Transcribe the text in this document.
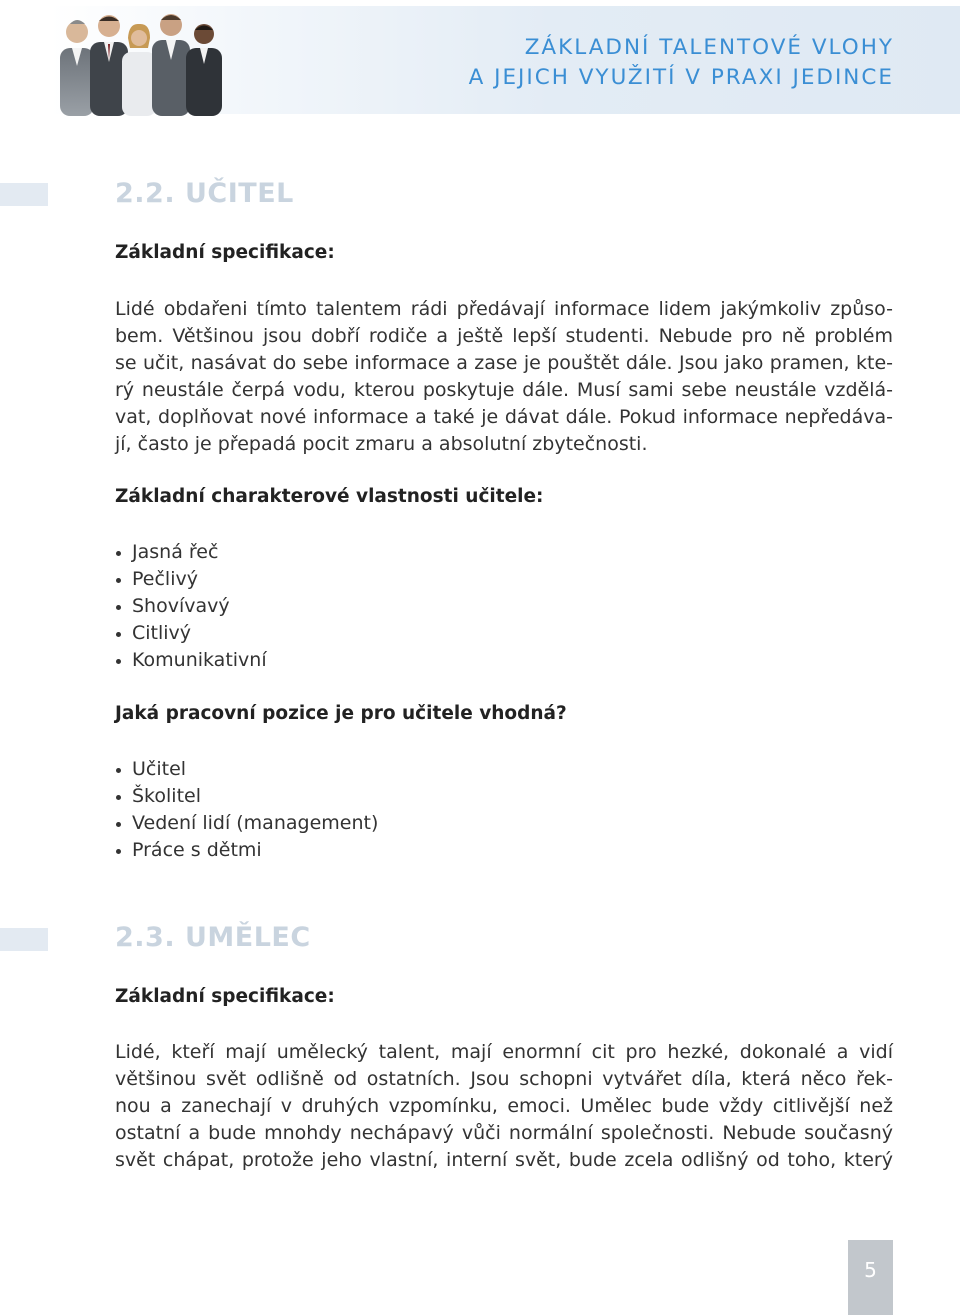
ZÁKLADNÍ TALENTOVÉ VLOHY
A JEJICH VYUŽITÍ V PRAXI JEDINCE
2.2. UČITEL
Základní specifikace:
Lidé obdařeni tímto talentem rádi předávají informace lidem jakýmkoliv způso-
bem. Většinou jsou dobří rodiče a ještě lepší studenti. Nebude pro ně problém
se učit, nasávat do sebe informace a zase je pouštět dále. Jsou jako pramen, kte-
rý neustále čerpá vodu, kterou poskytuje dále. Musí sami sebe neustále vzdělá-
vat, doplňovat nové informace a také je dávat dále. Pokud informace nepředáva-
jí, často je přepadá pocit zmaru a absolutní zbytečnosti.
Základní charakterové vlastnosti učitele:
Jasná řeč
Pečlivý
Shovívavý
Citlivý
Komunikativní
Jaká pracovní pozice je pro učitele vhodná?
Učitel
Školitel
Vedení lidí (management)
Práce s dětmi
2.3. UMĚLEC
Základní specifikace:
Lidé, kteří mají umělecký talent, mají enormní cit pro hezké, dokonalé a vidí
většinou svět odlišně od ostatních. Jsou schopni vytvářet díla, která něco řek-
nou a zanechají v druhých vzpomínku, emoci. Umělec bude vždy citlivější než
ostatní a bude mnohdy nechápavý vůči normální společnosti. Nebude současný
svět chápat, protože jeho vlastní, interní svět, bude zcela odlišný od toho, který
5
